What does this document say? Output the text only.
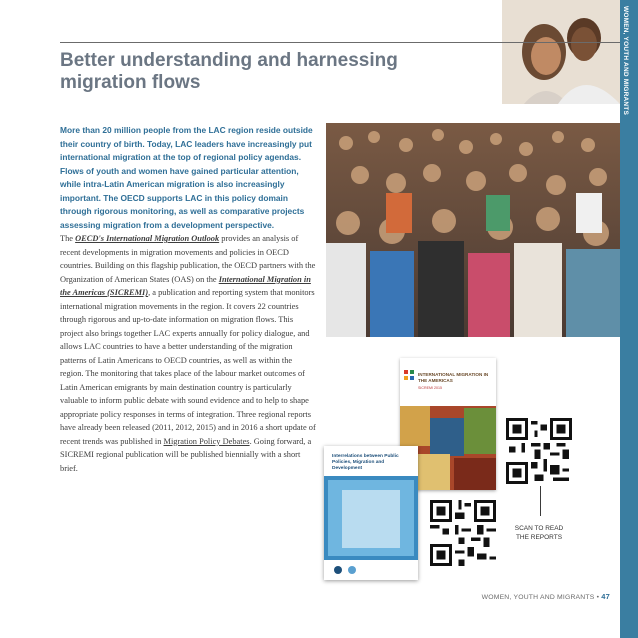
WOMEN, YOUTH AND MIGRANTS
Better understanding and harnessing
migration flows
More than 20 million people from the LAC region reside outside
their country of birth. Today, LAC leaders have increasingly put
international migration at the top of regional policy agendas.
Flows of youth and women have gained particular attention,
while intra-Latin American migration is also increasingly
important. The OECD supports LAC in this policy domain
through rigorous monitoring, as well as comparative projects
assessing migration from a development perspective.
The OECD's International Migration Outlook provides an analysis of recent developments in migration movements and policies in OECD countries. Building on this flagship publication, the OECD partners with the Organization of American States (OAS) on the International Migration in the Americas (SICREMI), a publication and reporting system that monitors international migration movements in the region. It covers 22 countries through rigorous and up-to-date information on migration flows. This project also brings together LAC experts annually for policy dialogue, and allows LAC countries to have a better understanding of the migration patterns of Latin Americans to OECD countries, as well as within the region. The monitoring that takes place of the labour market outcomes of Latin American emigrants by main destination country is particularly valuable to inform public debate with sound evidence and to help to shape appropriate policy responses in terms of integration. Three regional reports have already been released (2011, 2012, 2015) and in 2016 a short update of recent trends was published in Migration Policy Debates. Going forward, a SICREMI regional publication will be published biennially with a short brief.
INTERNATIONAL MIGRATION IN THE AMERICAS
SICREMI 2015
Interrelations between Public Policies, Migration and Development
SCAN TO READ
THE REPORTS
WOMEN, YOUTH AND MIGRANTS • 47
